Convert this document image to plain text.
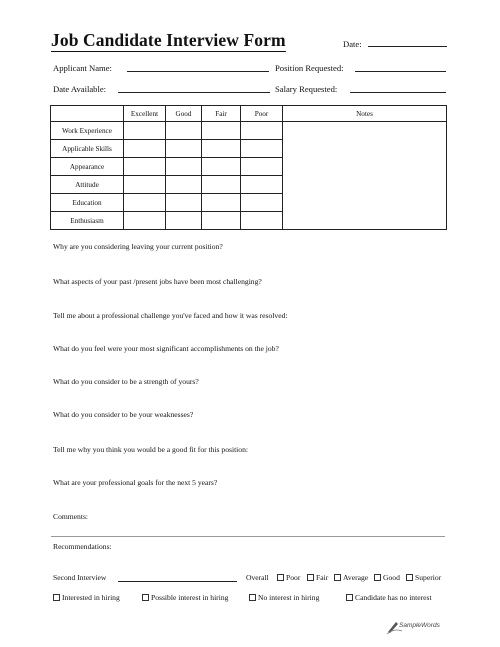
Job Candidate Interview Form	Date:
Applicant Name:	Position Requested:
Date Available:	Salary Requested:
	Excellent	Good	Fair	Poor	Notes
Work Experience					
Applicable Skills					
Appearance					
Attitude					
Education					
Enthusiasm					
Why are you considering leaving your current position?
What aspects of your past /present jobs have been most challenging?
Tell me about a professional challenge you've faced and how it was resolved:
What do you feel were your most significant accomplishments on the job?
What do you consider to be a strength of yours?
What do you consider to be your weaknesses?
Tell me why you think you would be a good fit for this position:
What are your professional goals for the next 5 years?
Comments:
Recommendations:
Second Interview	Overall	Poor	Fair	Average	Good	Superior
Interested in hiring	Possible interest in hiring	No interest in hiring	Candidate has no interest
SampleWords
